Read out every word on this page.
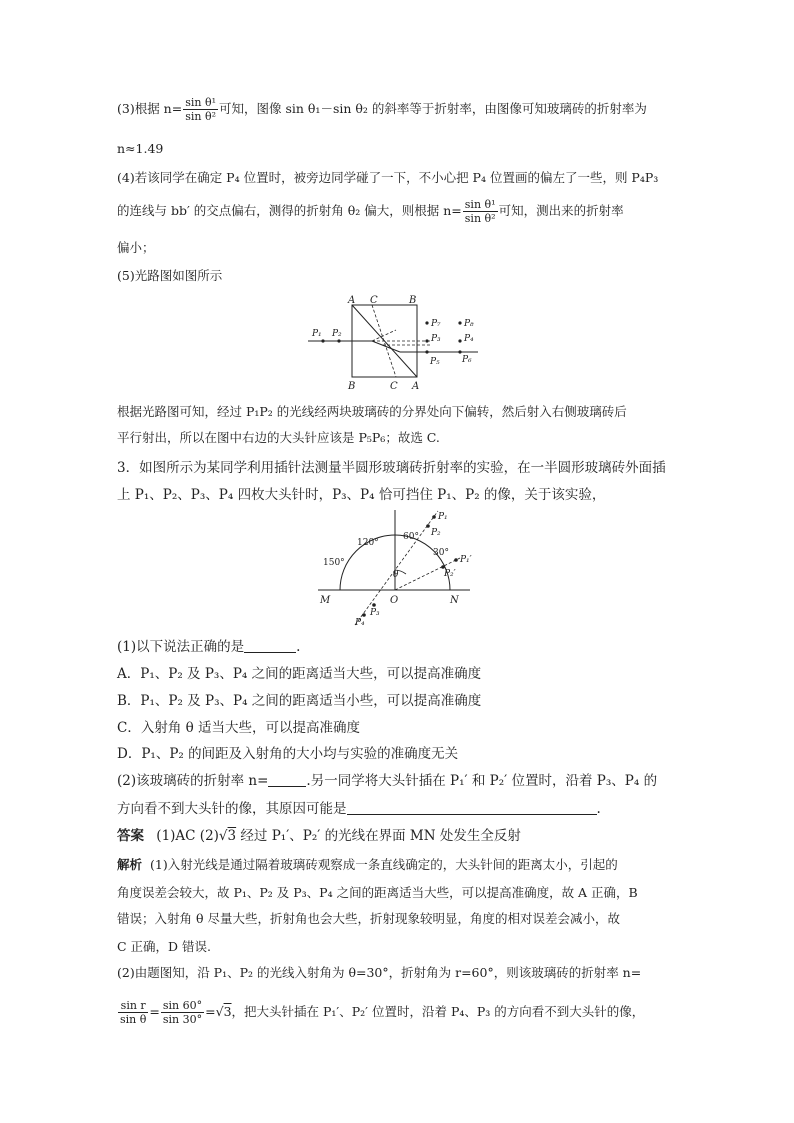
(3)根据 $n= \frac{\text{sin θ¹}}{\text{sin θ²}}$ 可知，图像 sin θ₁－sin θ₂ 的斜率等于折射率，由图像可知玻璃砖的折射率为
n≈1.49
(4)若该同学在确定 P₄ 位置时，被旁边同学碰了一下，不小心把 P₄ 位置画的偏左了一些，则 P₄P₃
的连线与 bb′ 的交点偏右，测得的折射角 θ₂ 偏大，则根据 $n= \frac{\text{sin θ¹}}{\text{sin θ²}}$ 可知，测出来的折射率
偏小；
(5)光路图如图所示
A C	B
B	C A
P₁ P₂
P₇	P₈
P₃	P₄
P₅ P₆
根据光路图可知，经过 P₁P₂ 的光线经两块玻璃砖的分界处向下偏转，然后射入右侧玻璃砖后
平行射出，所以在图中右边的大头针应该是 P₅P₆；故选 C.
3．如图所示为某同学利用插针法测量半圆形玻璃砖折射率的实验，在一半圆形玻璃砖外面插
上 P₁、P₂、P₃、P₄ 四枚大头针时，P₃、P₄ 恰可挡住 P₁、P₂ 的像，关于该实验，
P₁
P₂
P₁′
P₂′
P₃
P₄
120°
60°
150°
30°
θ
M	O	N
(1)以下说法正确的是	.
A．P₁、P₂ 及 P₃、P₄ 之间的距离适当大些，可以提高准确度
B．P₁、P₂ 及 P₃、P₄ 之间的距离适当小些，可以提高准确度
C．入射角 θ 适当大些，可以提高准确度
D．P₁、P₂ 的间距及入射角的大小均与实验的准确度无关
(2)该玻璃砖的折射率 n=	.另一同学将大头针插在 P₁′ 和 P₂′ 位置时，沿着 P₃、P₄ 的
方向看不到大头针的像，其原因可能是	.
答案 (1)AC (2)√3 经过 P₁′、P₂′ 的光线在界面 MN 处发生全反射
解析 (1)入射光线是通过隔着玻璃砖观察成一条直线确定的，大头针间的距离太小，引起的
角度误差会较大，故 P₁、P₂ 及 P₃、P₄ 之间的距离适当大些，可以提高准确度，故 A 正确，B
错误；入射角 θ 尽量大些，折射角也会大些，折射现象较明显，角度的相对误差会减小，故
C 正确，D 错误.
(2)由题图知，沿 P₁、P₂ 的光线入射角为 θ=30°，折射角为 r=60°，则该玻璃砖的折射率 n=
$\frac{\text{sin r}}{\text{sin θ}} = \frac{\sin 60^\circ}{\sin 30^\circ} =√3$，把大头针插在 P₁′、P₂′ 位置时，沿着 P₄、P₃ 的方向看不到大头针的像，
